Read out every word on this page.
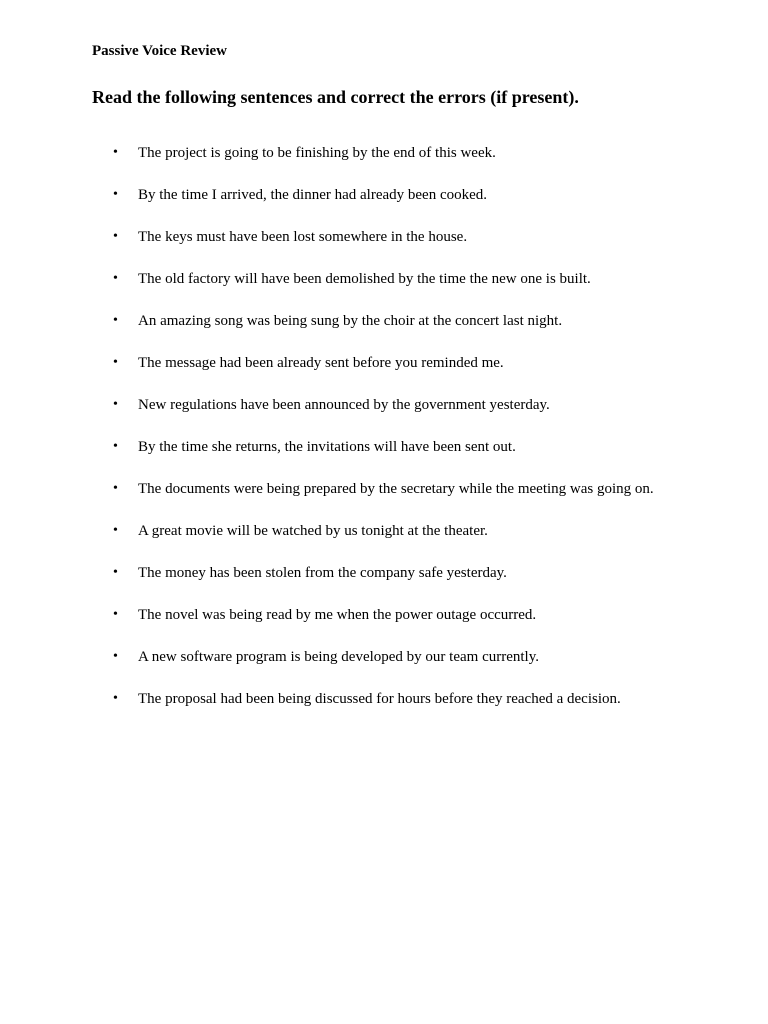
Passive Voice Review
Read the following sentences and correct the errors (if present).
•	The project is going to be finishing by the end of this week.
•	By the time I arrived, the dinner had already been cooked.
•	The keys must have been lost somewhere in the house.
•	The old factory will have been demolished by the time the new one is built.
•	An amazing song was being sung by the choir at the concert last night.
•	The message had been already sent before you reminded me.
•	New regulations have been announced by the government yesterday.
•	By the time she returns, the invitations will have been sent out.
•	The documents were being prepared by the secretary while the meeting was going on.
•	A great movie will be watched by us tonight at the theater.
•	The money has been stolen from the company safe yesterday.
•	The novel was being read by me when the power outage occurred.
•	A new software program is being developed by our team currently.
•	The proposal had been being discussed for hours before they reached a decision.
